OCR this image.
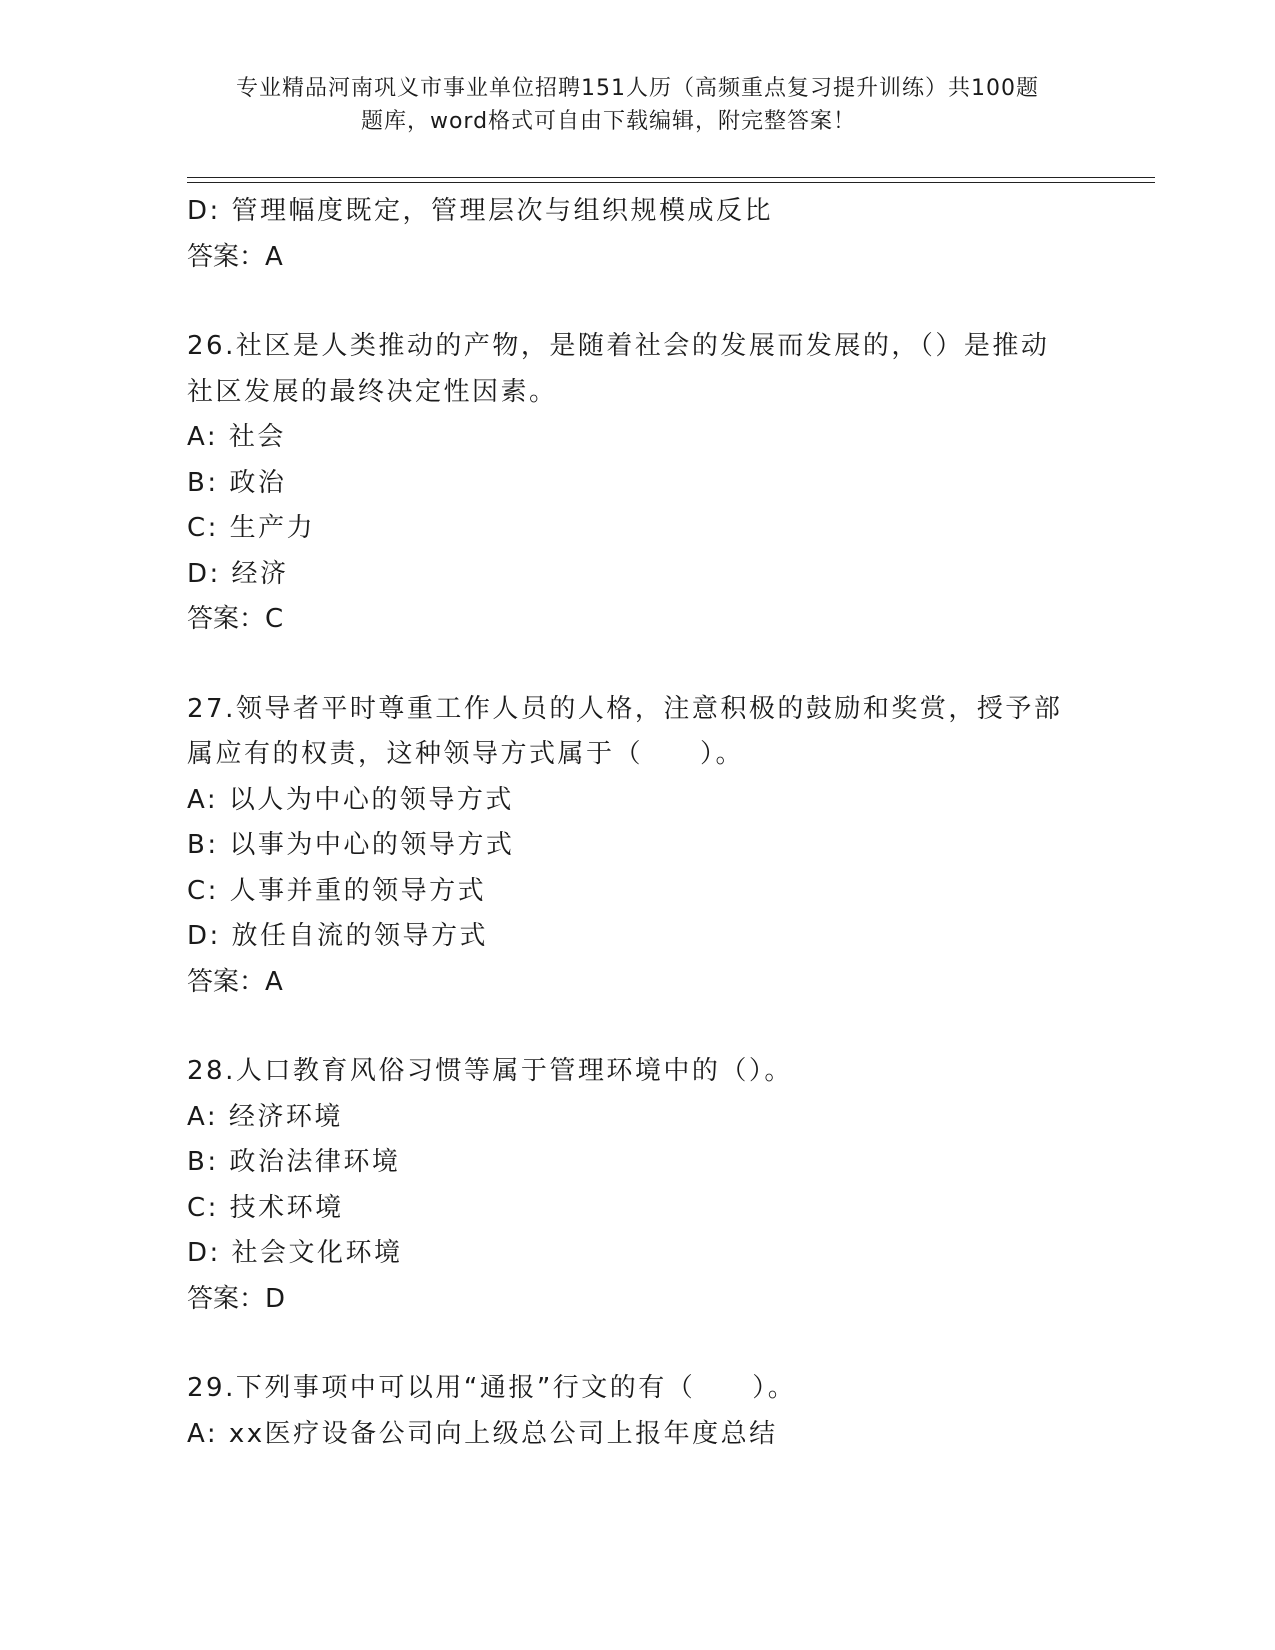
专业精品河南巩义市事业单位招聘151人历（高频重点复习提升训练）共100题
题库，word格式可自由下载编辑，附完整答案！
D: 管理幅度既定，管理层次与组织规模成反比
答案：A
26.社区是人类推动的产物，是随着社会的发展而发展的，（）是推动
社区发展的最终决定性因素。
A: 社会
B: 政治
C: 生产力
D: 经济
答案：C
27.领导者平时尊重工作人员的人格，注意积极的鼓励和奖赏，授予部
属应有的权责，这种领导方式属于（　　）。
A: 以人为中心的领导方式
B: 以事为中心的领导方式
C: 人事并重的领导方式
D: 放任自流的领导方式
答案：A
28.人口教育风俗习惯等属于管理环境中的（）。
A: 经济环境
B: 政治法律环境
C: 技术环境
D: 社会文化环境
答案：D
29.下列事项中可以用“通报”行文的有（　　）。
A: xx医疗设备公司向上级总公司上报年度总结
